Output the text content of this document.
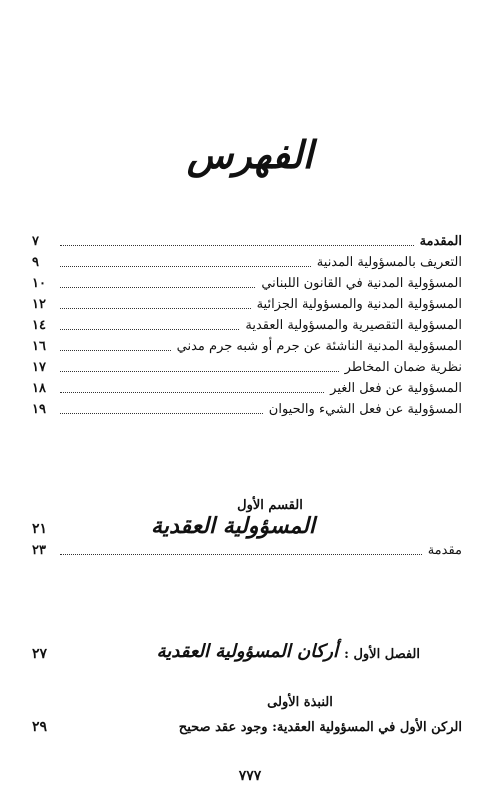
الفهرس
المقدمة
٧
التعريف بالمسؤولية المدنية
٩
المسؤولية المدنية في القانون اللبناني
١٠
المسؤولية المدنية والمسؤولية الجزائية
١٢
المسؤولية التقصيرية والمسؤولية العقدية
١٤
المسؤولية المدنية الناشئة عن جرم أو شبه جرم مدني
١٦
نظرية ضمان المخاطر
١٧
المسؤولية عن فعل الغير
١٨
المسؤولية عن فعل الشيء والحيوان
١٩
القسم الأول
المسؤولية العقدية
٢١
مقدمة
٢٣
الفصل الأول :
أركان المسؤولية العقدية
٢٧
النبذة الأولى
الركن الأول في المسؤولية العقدية: وجود عقد صحيح
٢٩
٧٧٧
